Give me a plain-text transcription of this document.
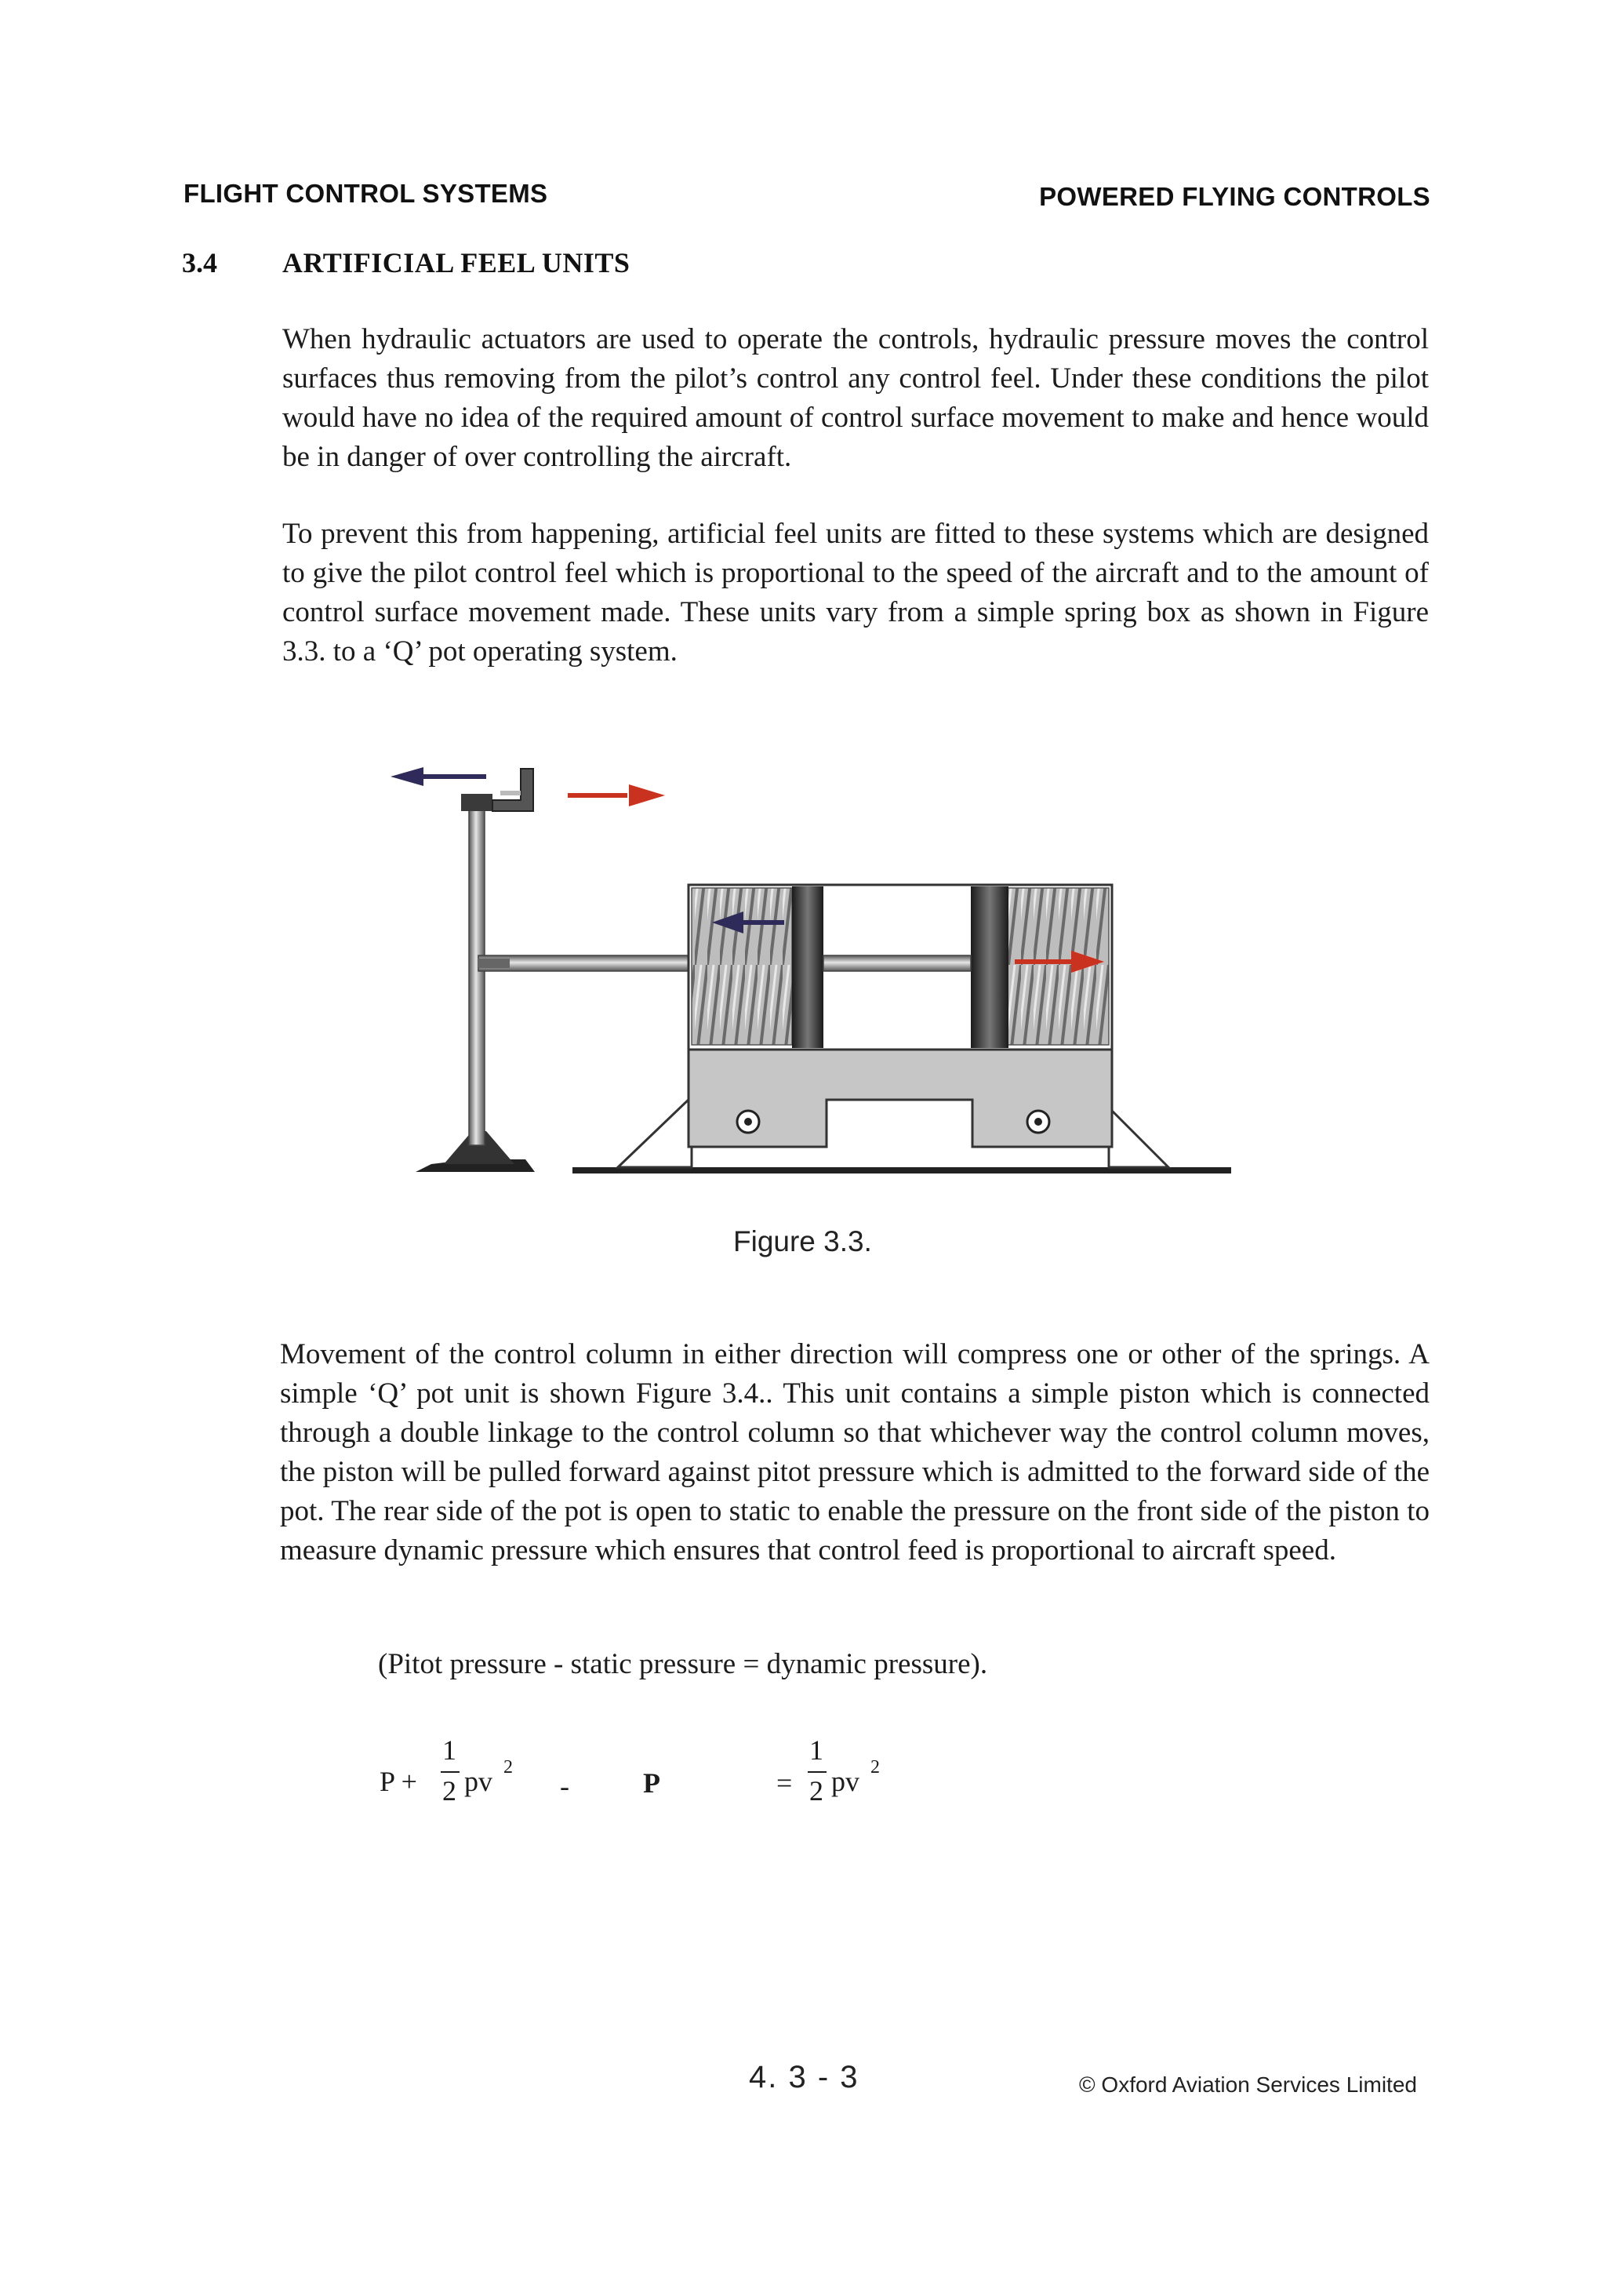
FLIGHT CONTROL SYSTEMS	POWERED FLYING CONTROLS
3.4 ARTIFICIAL FEEL UNITS

When hydraulic actuators are used to operate the controls, hydraulic pressure moves the control surfaces thus removing from the pilot’s control any control feel. Under these conditions the pilot would have no idea of the required amount of control surface movement to make and hence would be in danger of over controlling the aircraft.

To prevent this from happening, artificial feel units are fitted to these systems which are designed to give the pilot control feel which is proportional to the speed of the aircraft and to the amount of control surface movement made. These units vary from a simple spring box as shown in Figure 3.3. to a ‘Q’ pot operating system.

Figure 3.3.

Movement of the control column in either direction will compress one or other of the springs. A simple ‘Q’ pot unit is shown Figure 3.4.. This unit contains a simple piston which is connected through a double linkage to the control column so that whichever way the control column moves, the piston will be pulled forward against pitot pressure which is admitted to the forward side of the pot. The rear side of the pot is open to static to enable the pressure on the front side of the piston to measure dynamic pressure which ensures that control feed is proportional to aircraft speed.

(Pitot pressure - static pressure = dynamic pressure).
P +
1
2 pv 2
-	P	=
1
2 pv 2
4. 3 - 3	© Oxford Aviation Services Limited
